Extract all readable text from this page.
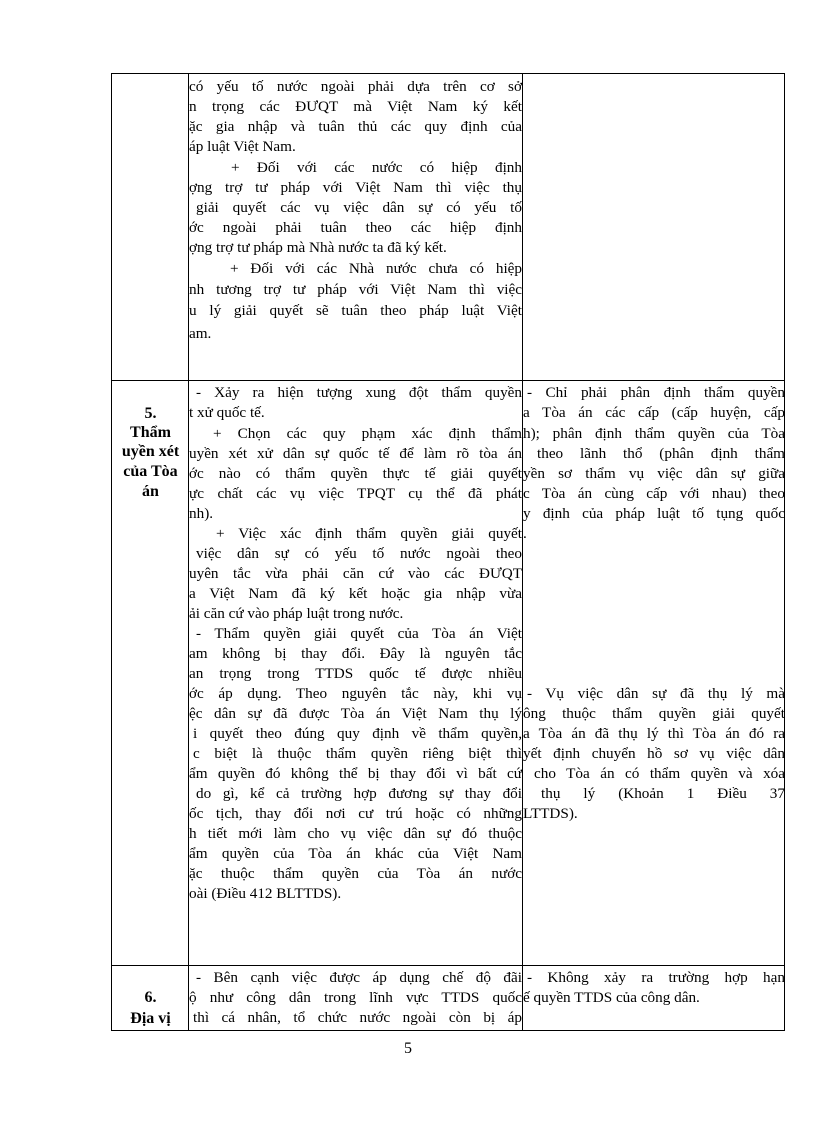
có yếu tố nước ngoài phải dựa trên cơ sở
n trọng các ĐƯQT mà Việt Nam ký kết
ặc gia nhập và tuân thủ các quy định của
áp luật Việt Nam.
+ Đối với các nước có hiệp định
ợng trợ tư pháp với Việt Nam thì việc thụ
giải quyết các vụ việc dân sự có yếu tố
ớc ngoài phải tuân theo các hiệp định
ợng trợ tư pháp mà Nhà nước ta đã ký kết.
+ Đối với các Nhà nước chưa có hiệp
nh tương trợ tư pháp với Việt Nam thì việc
u lý giải quyết sẽ tuân theo pháp luật Việt
am.
5.
Thẩm
uyền xét
của Tòa
án
- Xảy ra hiện tượng xung đột thẩm quyền
t xử quốc tế.
+ Chọn các quy phạm xác định thẩm
uyền xét xử dân sự quốc tế để làm rõ tòa án
ớc nào có thẩm quyền thực tế giải quyết
ực chất các vụ việc TPQT cụ thể đã phát
nh).
+ Việc xác định thẩm quyền giải quyết
việc dân sự có yếu tố nước ngoài theo
uyên tắc vừa phải căn cứ vào các ĐƯQT
a Việt Nam đã ký kết hoặc gia nhập vừa
ải căn cứ vào pháp luật trong nước.
- Thẩm quyền giải quyết của Tòa án Việt
am không bị thay đổi. Đây là nguyên tắc
an trọng trong TTDS quốc tế được nhiều
ớc áp dụng. Theo nguyên tắc này, khi vụ
ệc dân sự đã được Tòa án Việt Nam thụ lý
i quyết theo đúng quy định về thẩm quyền,
c biệt là thuộc thẩm quyền riêng biệt thì
ẩm quyền đó không thể bị thay đổi vì bất cứ
do gì, kể cả trường hợp đương sự thay đổi
ốc tịch, thay đổi nơi cư trú hoặc có những
h tiết mới làm cho vụ việc dân sự đó thuộc
ẩm quyền của Tòa án khác của Việt Nam
ặc thuộc thẩm quyền của Tòa án nước
oài (Điều 412 BLTTDS).
- Chỉ phải phân định thẩm quyền
a Tòa án các cấp (cấp huyện, cấp
h); phân định thẩm quyền của Tòa
theo lãnh thổ (phân định thẩm
yền sơ thẩm vụ việc dân sự giữa
c Tòa án cùng cấp với nhau) theo
y định của pháp luật tố tụng quốc
.
- Vụ việc dân sự đã thụ lý mà
ông thuộc thẩm quyền giải quyết
a Tòa án đã thụ lý thì Tòa án đó ra
yết định chuyển hồ sơ vụ việc dân
cho Tòa án có thẩm quyền và xóa
thụ lý (Khoản 1 Điều 37
LTTDS).
6.
Địa vị
- Bên cạnh việc được áp dụng chế độ đãi
ộ như công dân trong lĩnh vực TTDS quốc
thì cá nhân, tổ chức nước ngoài còn bị áp
- Không xảy ra trường hợp hạn
ế quyền TTDS của công dân.
5
